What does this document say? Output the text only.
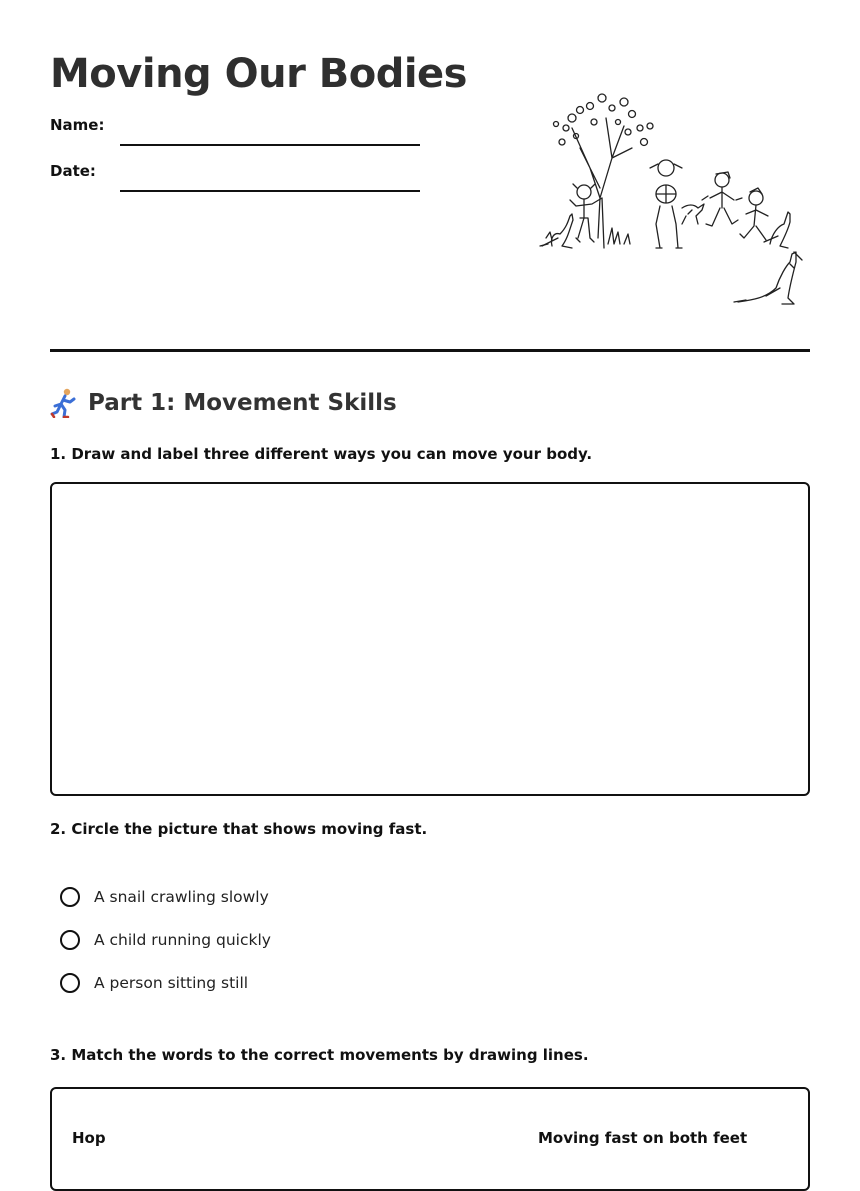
Moving Our Bodies
Name:
Date:
Part 1: Movement Skills
1. Draw and label three different ways you can move your body.
2. Circle the picture that shows moving fast.
A snail crawling slowly
A child running quickly
A person sitting still
3. Match the words to the correct movements by drawing lines.
Hop	Moving fast on both feet
